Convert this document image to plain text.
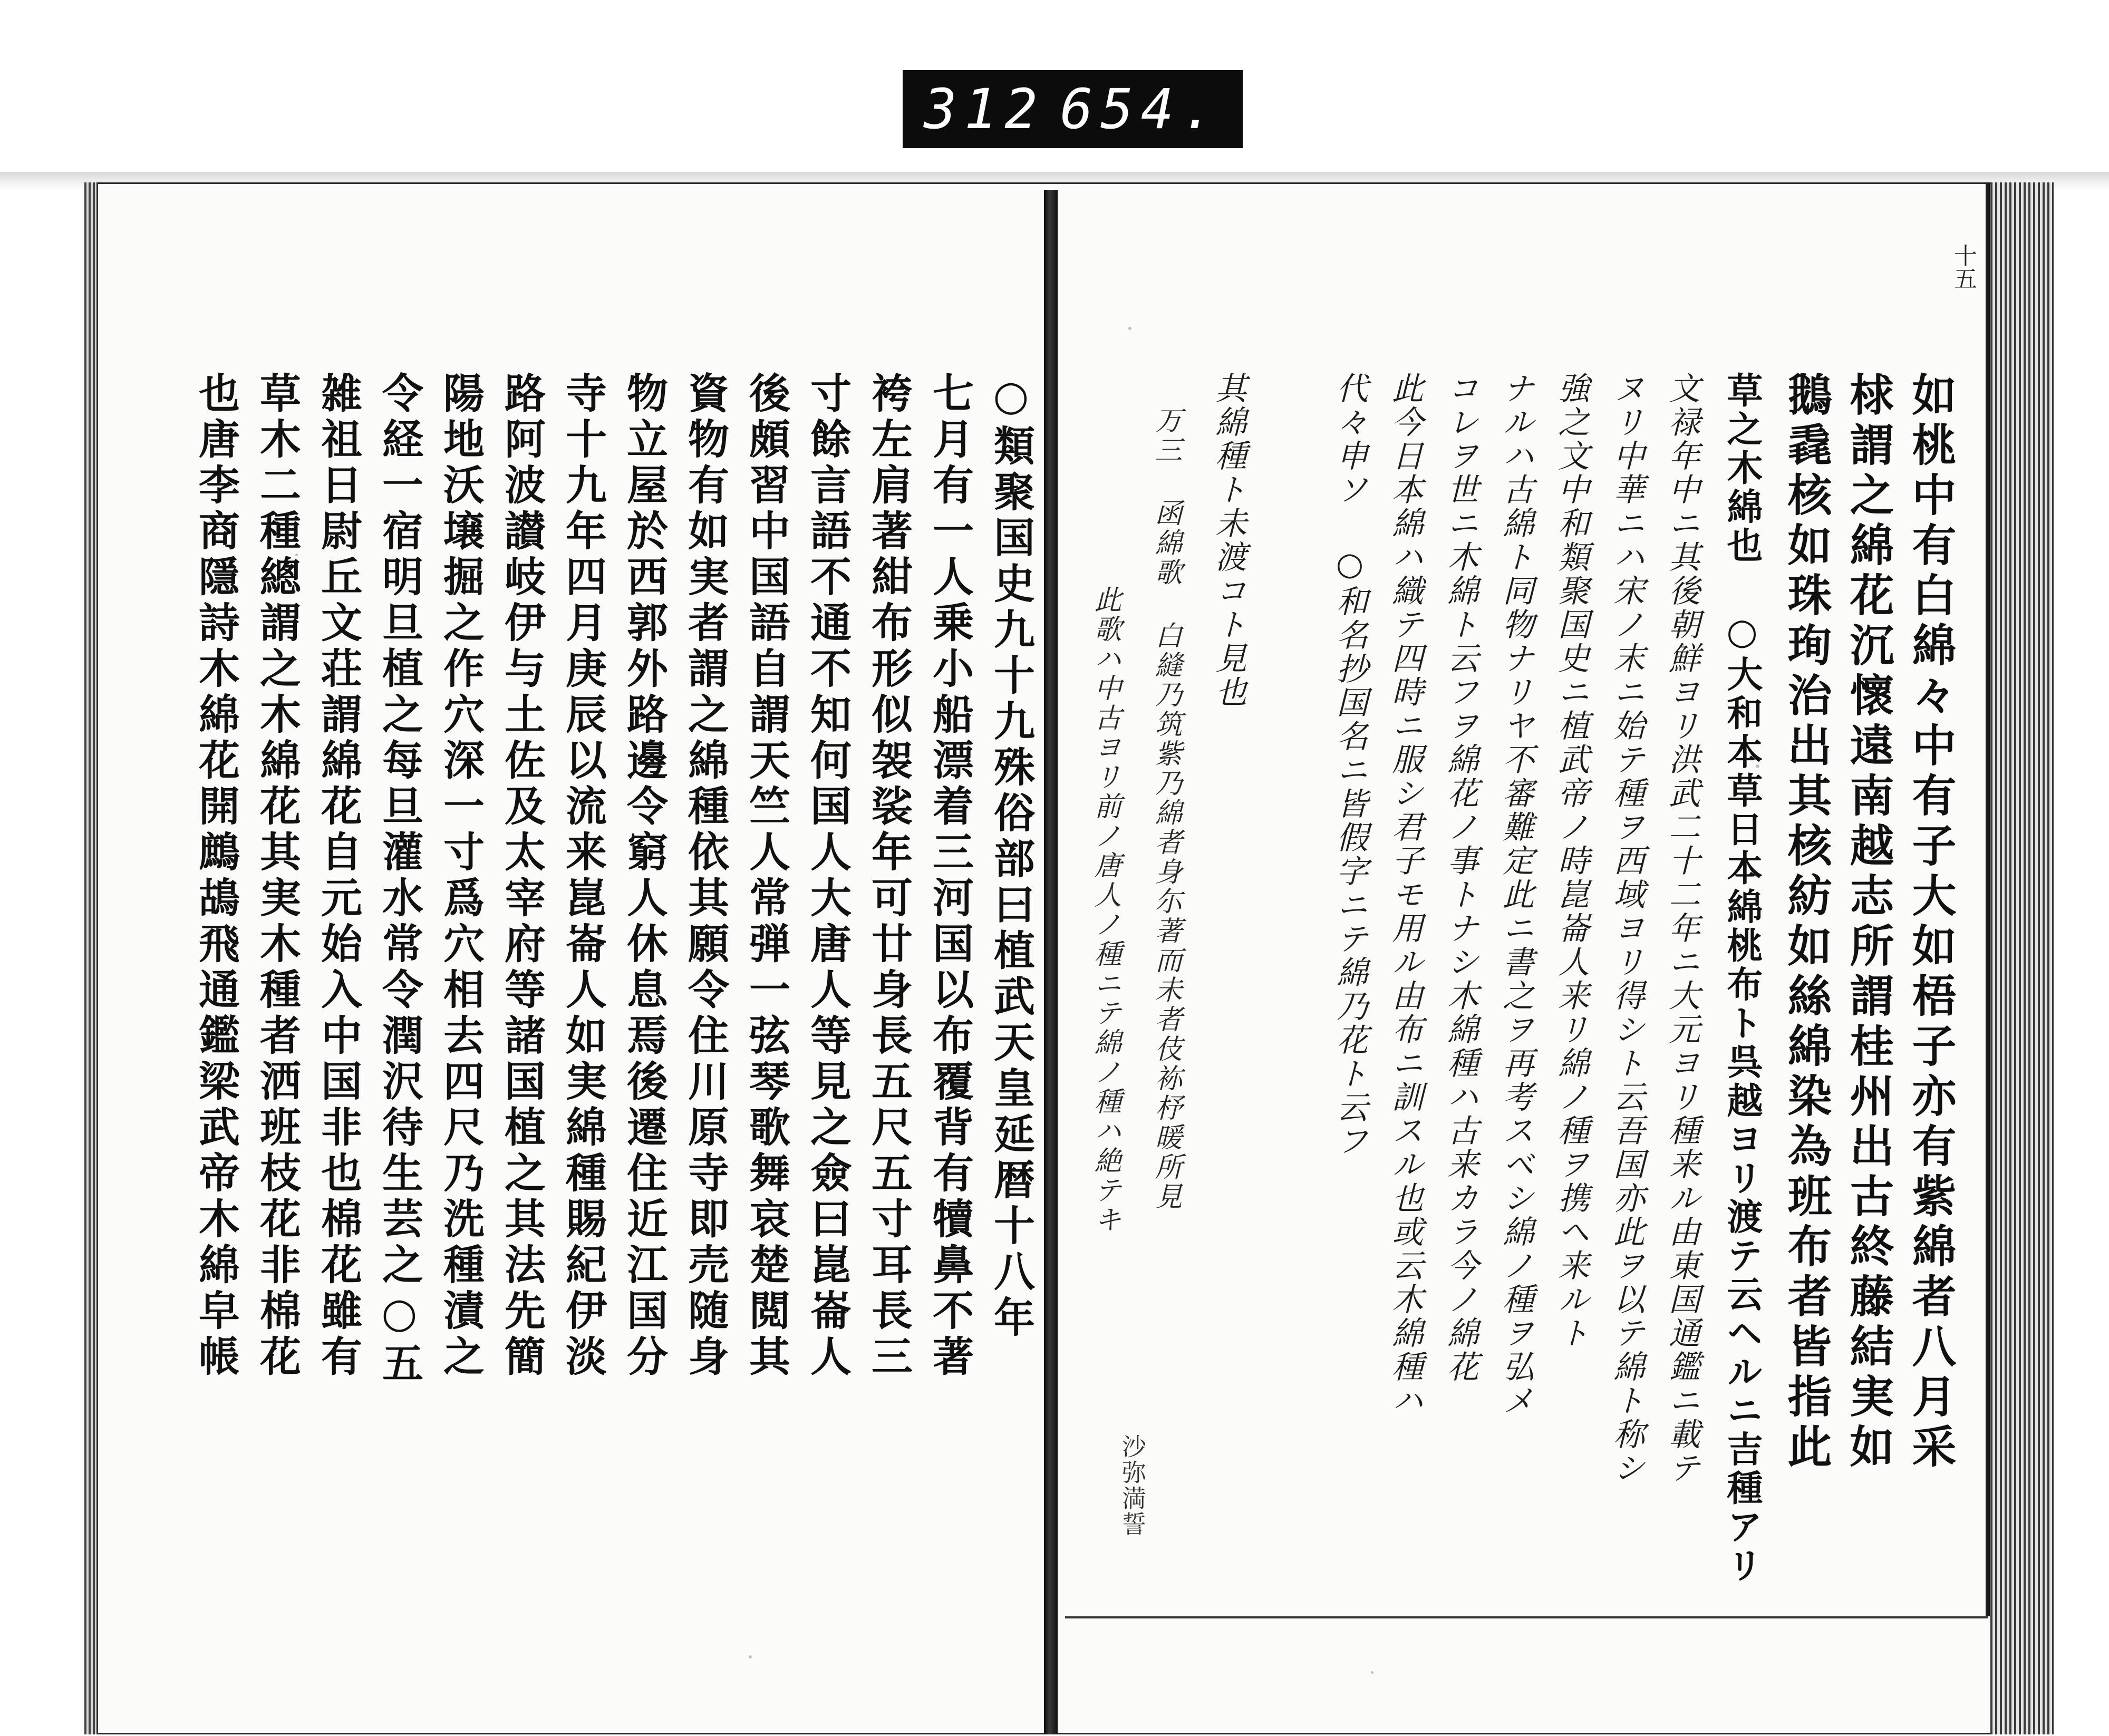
312 654.
十五
如桃中有白綿々中有子大如梧子亦有紫綿者八月采
梂謂之綿花沉懷遠南越志所謂桂州出古終藤結実如
鵝毳核如珠珣治出其核紡如絲綿染為班布者皆指此
草之木綿也 ○大和本草日本綿桃布ト呉越ヨリ渡テ云ヘルニ吉種アリ
文禄年中ニ其後朝鮮ヨリ洪武二十二年ニ大元ヨリ種来ル由東国通鑑ニ載テ
ヌリ中華ニハ宋ノ末ニ始テ種ヲ西域ヨリ得シト云吾国亦此ヲ以テ綿ト称シ
強之文中和類聚国史ニ植武帝ノ時崑崙人来リ綿ノ種ヲ携ヘ来ルト
ナルハ古綿ト同物ナリヤ不審難定此ニ書之ヲ再考スベシ綿ノ種ヲ弘メ
コレヲ世ニ木綿ト云フヲ綿花ノ事トナシ木綿種ハ古来カラ今ノ綿花
此今日本綿ハ織テ四時ニ服シ君子モ用ル由布ニ訓スル也或云木綿種ハ
代々申ソ ○和名抄国名ニ皆假字ニテ綿乃花ト云フ
其綿種ト未渡コト見也
万三 函綿歌 白縫乃筑紫乃綿者身尓著而未者伎袮杼暖所見
沙弥満誓
此歌ハ中古ヨリ前ノ唐人ノ種ニテ綿ノ種ハ絶テキ
○類聚国史九十九殊俗部曰植武天皇延暦十八年
七月有一人乗小船漂着三河国以布覆背有犢鼻不著
袴左肩著紺布形似袈裟年可廿身長五尺五寸耳長三
寸餘言語不通不知何国人大唐人等見之僉曰崑崙人
後頗習中国語自謂天竺人常弾一弦琴歌舞哀楚閲其
資物有如実者謂之綿種依其願令住川原寺即売随身
物立屋於西郭外路邊令窮人休息焉後遷住近江国分
寺十九年四月庚辰以流来崑崙人如実綿種賜紀伊淡
路阿波讃岐伊与土佐及太宰府等諸国植之其法先簡
陽地沃壌掘之作穴深一寸爲穴相去四尺乃洗種漬之
令経一宿明旦植之每旦灌水常令潤沢待生芸之○五
雑祖日尉丘文荘謂綿花自元始入中国非也棉花雖有
草木二種總謂之木綿花其実木種者洒班枝花非棉花
也唐李商隱詩木綿花開鷓鴣飛通鑑梁武帝木綿皁帳
